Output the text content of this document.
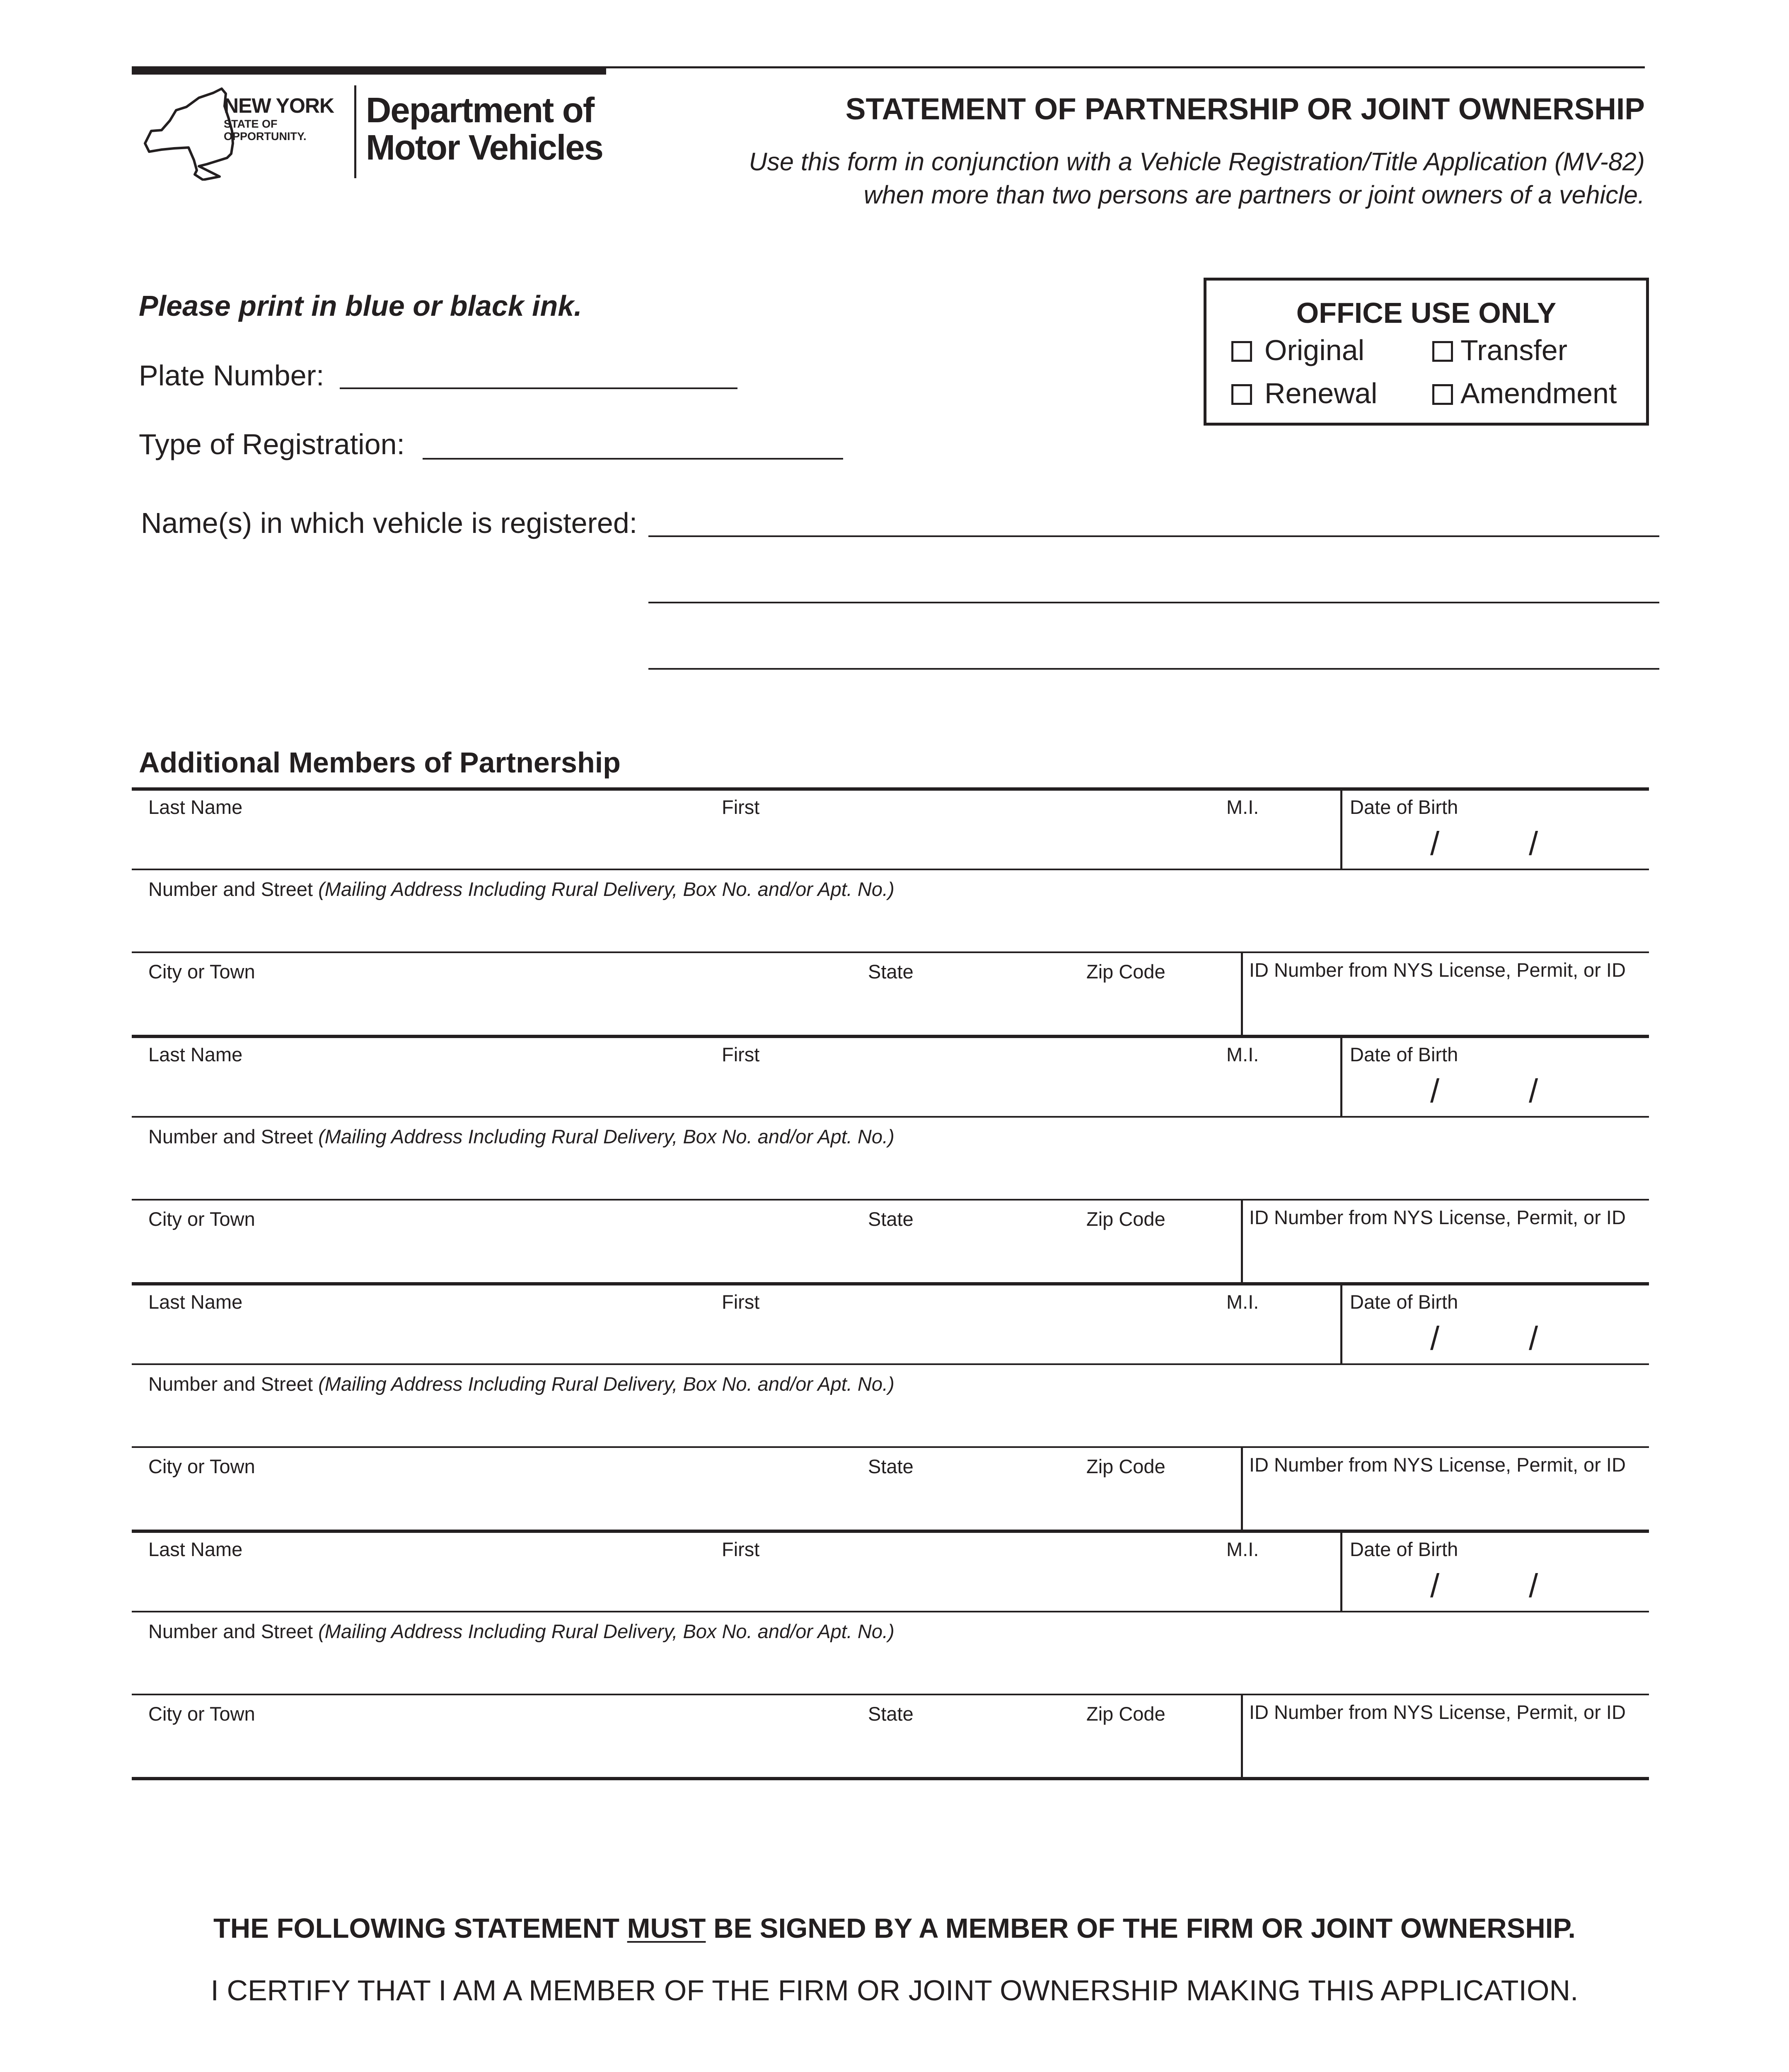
NEW YORK
STATE OF
OPPORTUNITY.
Department of
Motor Vehicles
STATEMENT OF PARTNERSHIP OR JOINT OWNERSHIP
Use this form in conjunction with a Vehicle Registration/Title Application (MV-82)
when more than two persons are partners or joint owners of a vehicle.
Please print in blue or black ink.
Plate Number:
Type of Registration:
Name(s) in which vehicle is registered:
OFFICE USE ONLY
Original	Transfer
Renewal	Amendment
Additional Members of Partnership
Last Name	First	M.I.	Date of Birth
/	/
Number and Street (Mailing Address Including Rural Delivery, Box No. and/or Apt. No.)
City or Town	State	Zip Code	ID Number from NYS License, Permit, or ID
Last Name	First	M.I.	Date of Birth
/	/
Number and Street (Mailing Address Including Rural Delivery, Box No. and/or Apt. No.)
City or Town	State	Zip Code	ID Number from NYS License, Permit, or ID
Last Name	First	M.I.	Date of Birth
/	/
Number and Street (Mailing Address Including Rural Delivery, Box No. and/or Apt. No.)
City or Town	State	Zip Code	ID Number from NYS License, Permit, or ID
Last Name	First	M.I.	Date of Birth
/	/
Number and Street (Mailing Address Including Rural Delivery, Box No. and/or Apt. No.)
City or Town	State	Zip Code	ID Number from NYS License, Permit, or ID
THE FOLLOWING STATEMENT MUST BE SIGNED BY A MEMBER OF THE FIRM OR JOINT OWNERSHIP.
I CERTIFY THAT I AM A MEMBER OF THE FIRM OR JOINT OWNERSHIP MAKING THIS APPLICATION.
